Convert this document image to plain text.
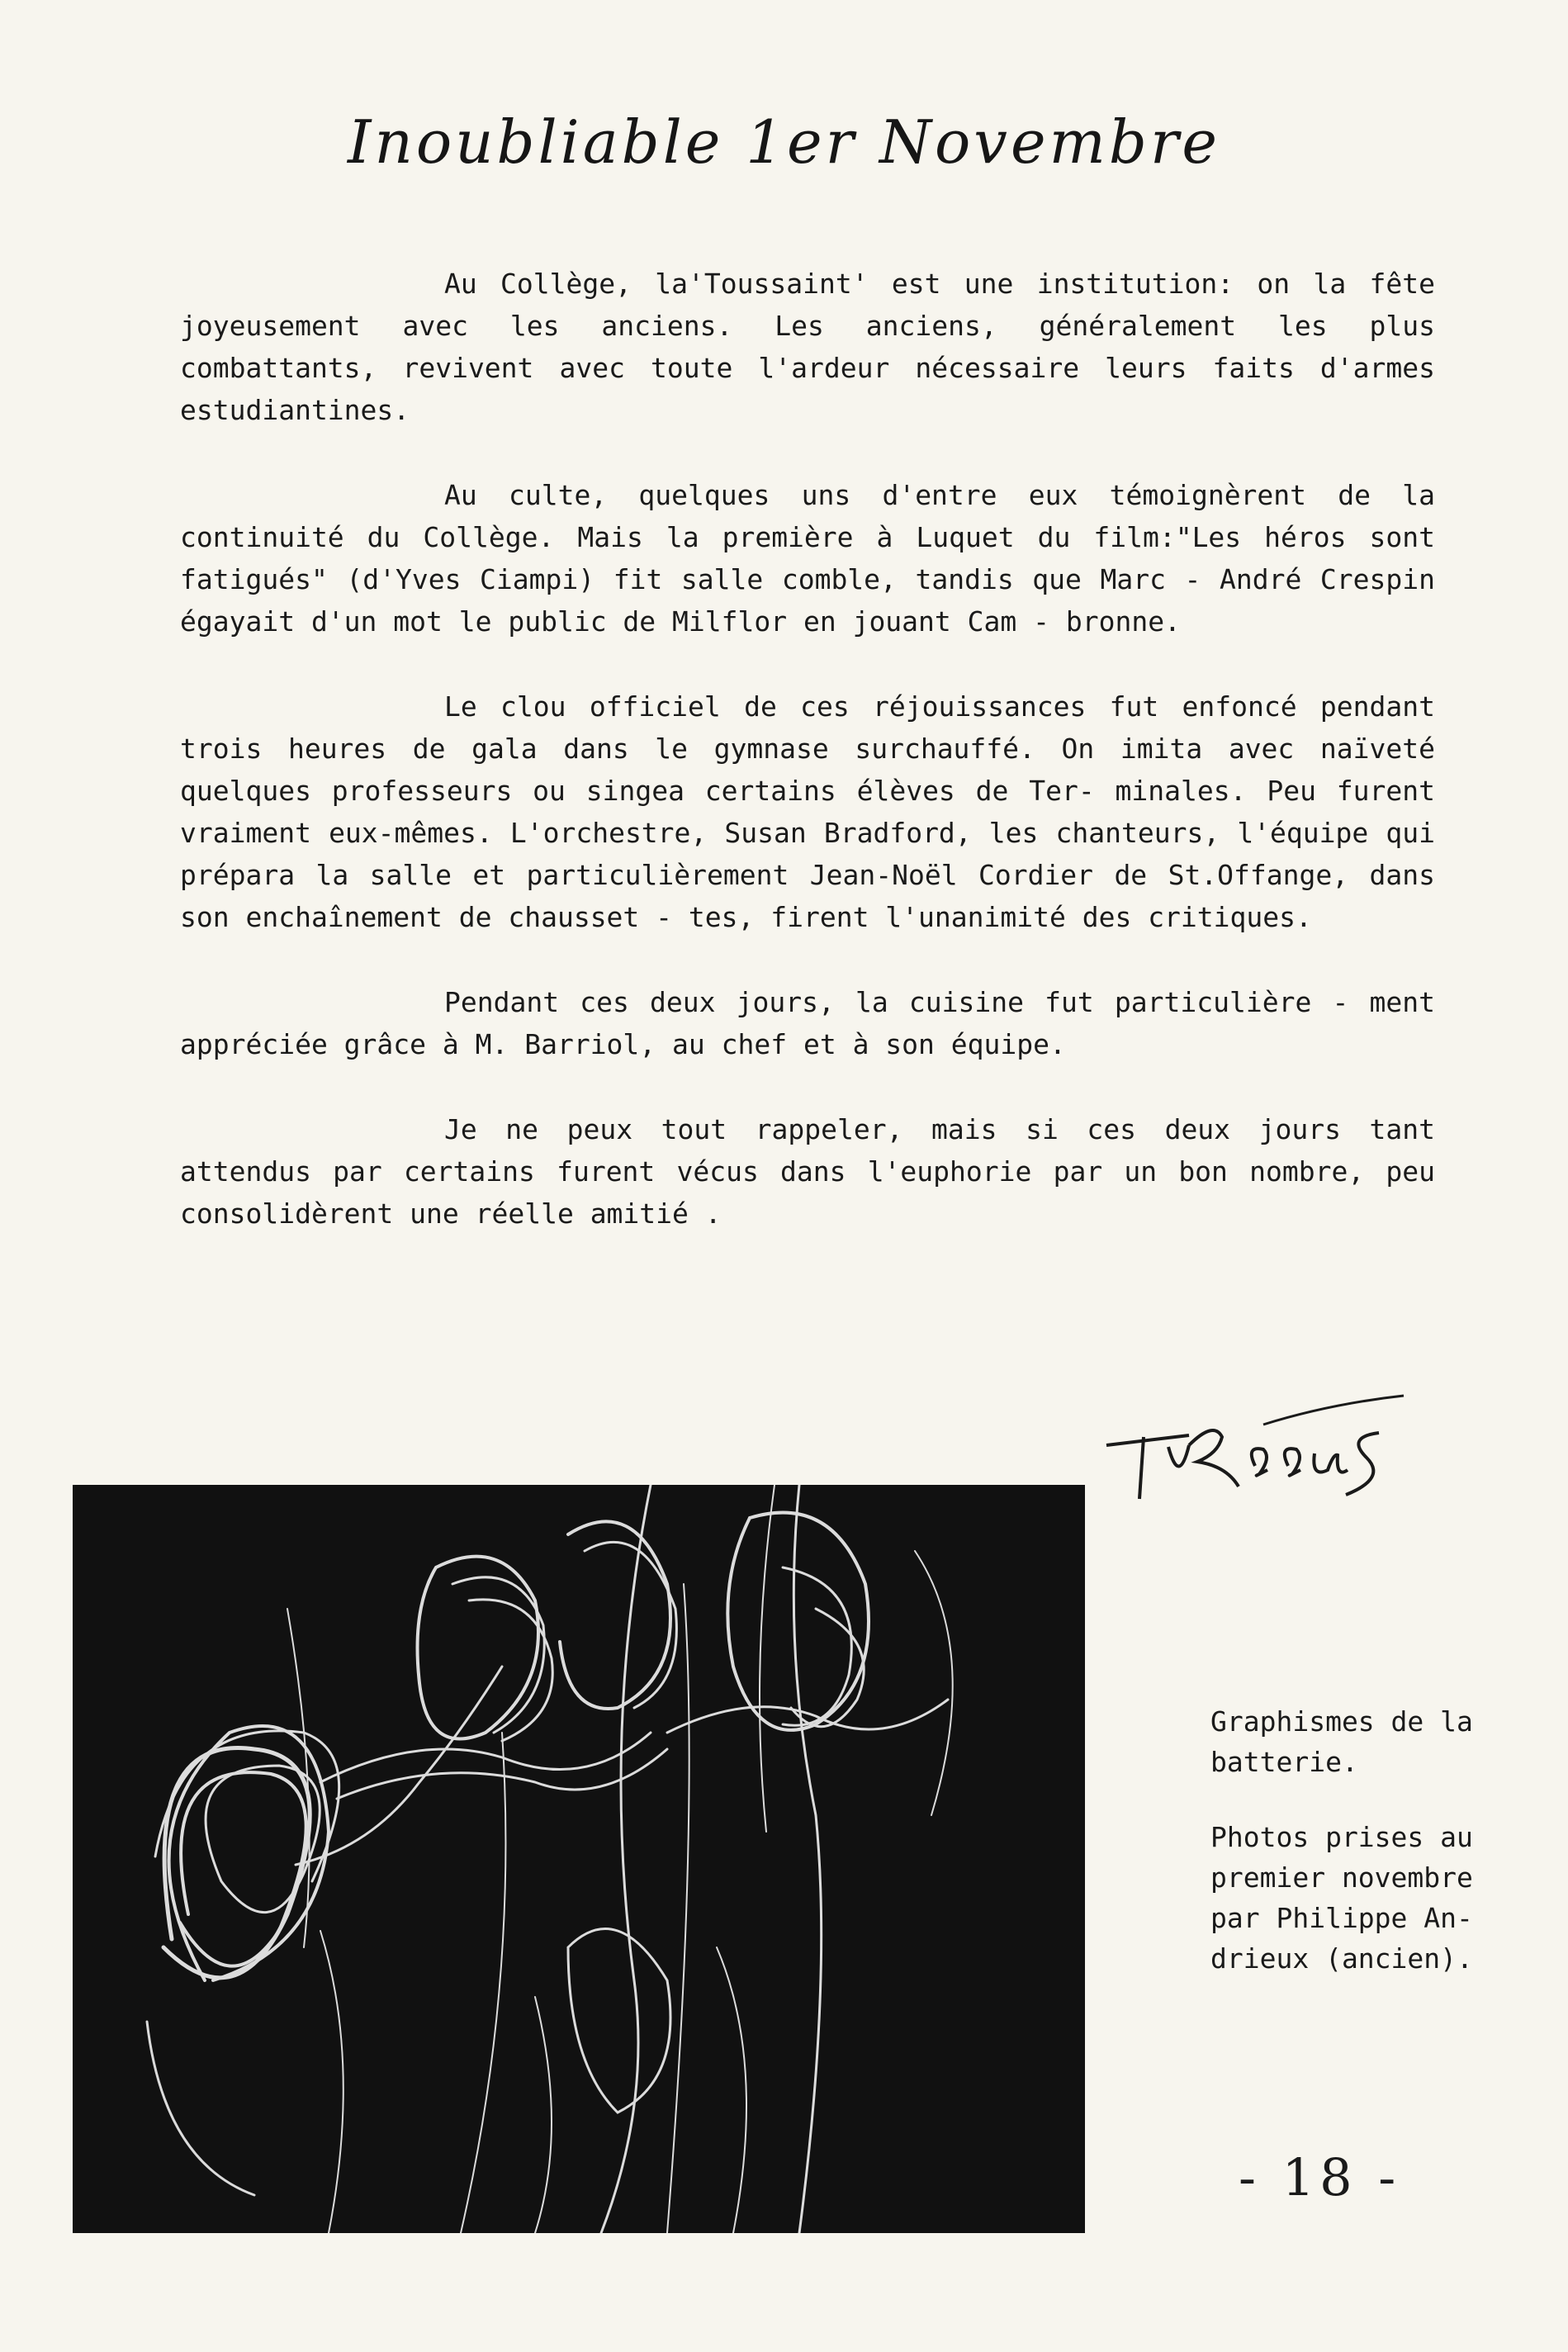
Inoubliable 1er Novembre

Au Collège, la'Toussaint' est une institution: on la fête joyeusement avec les anciens. Les anciens, généralement les plus combattants, revivent avec toute l'ardeur nécessaire leurs faits d'armes estudiantines.

Au culte, quelques uns d'entre eux témoignèrent de la continuité du Collège. Mais la première à Luquet du film:"Les héros sont fatigués" (d'Yves Ciampi) fit salle comble, tandis que Marc - André Crespin égayait d'un mot le public de Milflor en jouant Cam - bronne.

Le clou officiel de ces réjouissances fut enfoncé pendant trois heures de gala dans le gymnase surchauffé. On imita avec naïveté quelques professeurs ou singea certains élèves de Ter- minales. Peu furent vraiment eux-mêmes. L'orchestre, Susan Bradford, les chanteurs, l'équipe qui prépara la salle et particulièrement Jean-Noël Cordier de St.Offange, dans son enchaînement de chausset - tes, firent l'unanimité des critiques.

Pendant ces deux jours, la cuisine fut particulière - ment appréciée grâce à M. Barriol, au chef et à son équipe.

Je ne peux tout rappeler, mais si ces deux jours tant attendus par certains furent vécus dans l'euphorie par un bon nombre, peu consolidèrent une réelle amitié .

Graphismes de la batterie.
Photos prises au premier novembre par Philippe An- drieux (ancien).
- 18 -
